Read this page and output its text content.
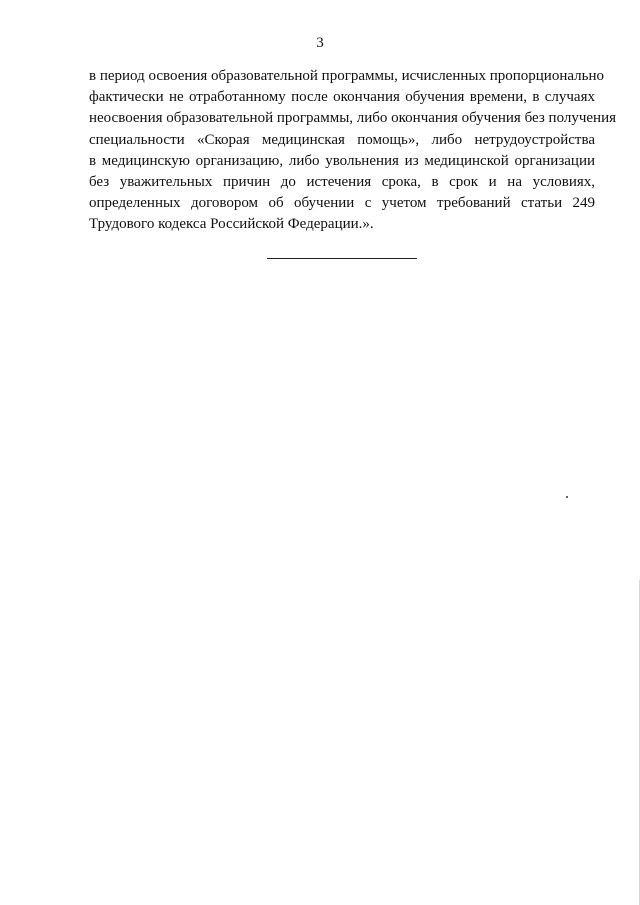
3
в период освоения образовательной программы, исчисленных пропорционально
фактически не отработанному после окончания обучения времени, в случаях
неосвоения образовательной программы, либо окончания обучения без получения
специальности «Скорая медицинская помощь», либо нетрудоустройства
в медицинскую организацию, либо увольнения из медицинской организации
без уважительных причин до истечения срока, в срок и на условиях,
определенных договором об обучении с учетом требований статьи 249
Трудового кодекса Российской Федерации.».
